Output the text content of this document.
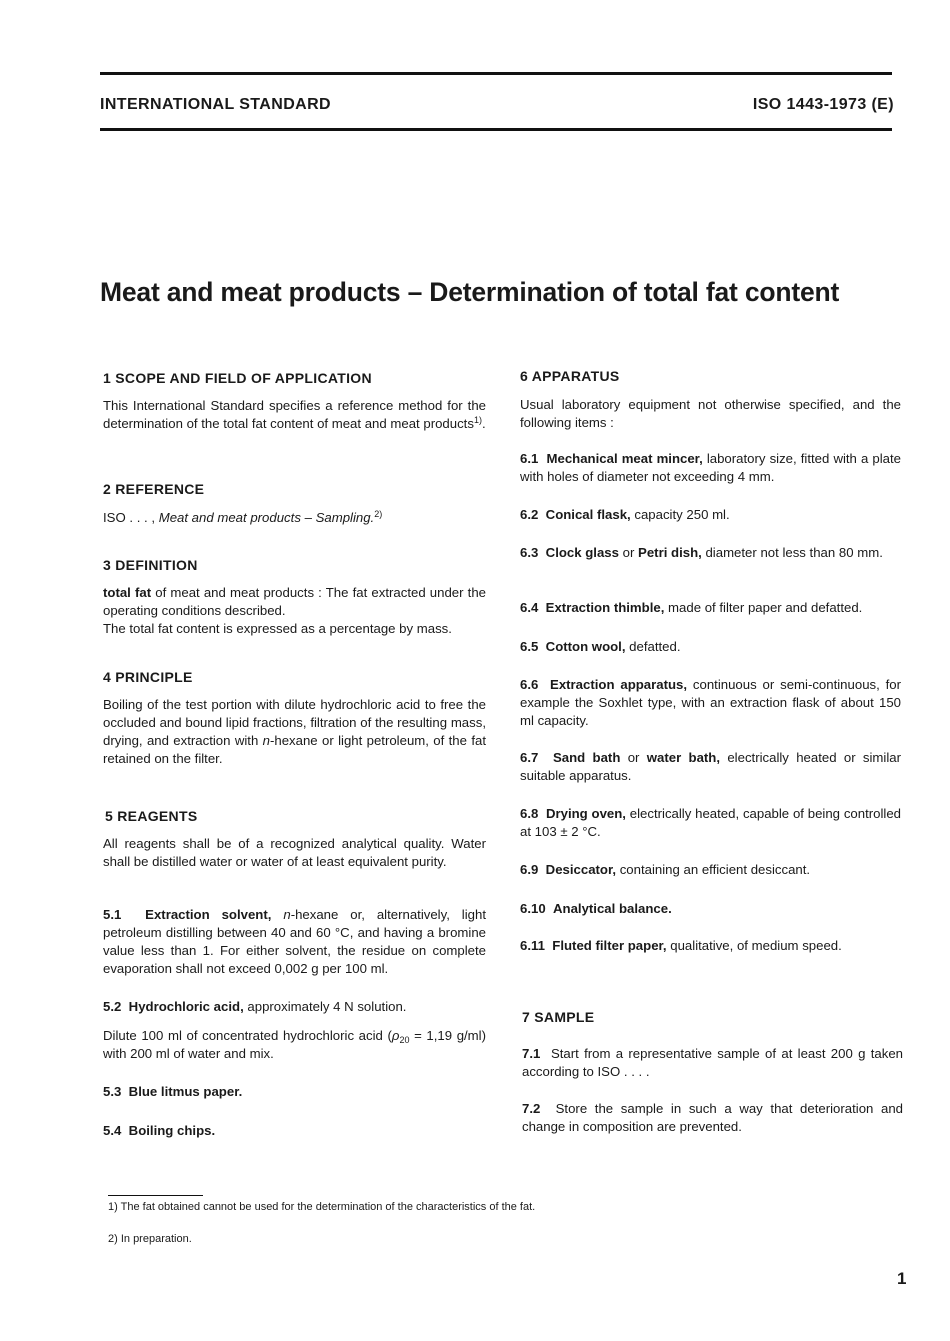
INTERNATIONAL STANDARD	ISO 1443-1973 (E)
Meat and meat products – Determination of total fat content
1 SCOPE AND FIELD OF APPLICATION
This International Standard specifies a reference method for the determination of the total fat content of meat and meat products$^{1)}$.
2 REFERENCE
ISO . . . , Meat and meat products – Sampling.$^{2)}$
3 DEFINITION
total fat of meat and meat products : The fat extracted under the operating conditions described.
The total fat content is expressed as a percentage by mass.
4 PRINCIPLE
Boiling of the test portion with dilute hydrochloric acid to free the occluded and bound lipid fractions, filtration of the resulting mass, drying, and extraction with n-hexane or light petroleum, of the fat retained on the filter.
5 REAGENTS
All reagents shall be of a recognized analytical quality. Water shall be distilled water or water of at least equivalent purity.
5.1 Extraction solvent, n-hexane or, alternatively, light petroleum distilling between 40 and 60 °C, and having a bromine value less than 1. For either solvent, the residue on complete evaporation shall not exceed 0,002 g per 100 ml.
5.2 Hydrochloric acid, approximately 4 N solution.
Dilute 100 ml of concentrated hydrochloric acid ($\rho_{20} = 1,19$ g/ml) with 200 ml of water and mix.
5.3 Blue litmus paper.
5.4 Boiling chips.
6 APPARATUS
Usual laboratory equipment not otherwise specified, and the following items :
6.1 Mechanical meat mincer, laboratory size, fitted with a plate with holes of diameter not exceeding 4 mm.
6.2 Conical flask, capacity 250 ml.
6.3 Clock glass or Petri dish, diameter not less than 80 mm.
6.4 Extraction thimble, made of filter paper and defatted.
6.5 Cotton wool, defatted.
6.6 Extraction apparatus, continuous or semi-continuous, for example the Soxhlet type, with an extraction flask of about 150 ml capacity.
6.7 Sand bath or water bath, electrically heated or similar suitable apparatus.
6.8 Drying oven, electrically heated, capable of being controlled at 103 ± 2 °C.
6.9 Desiccator, containing an efficient desiccant.
6.10 Analytical balance.
6.11 Fluted filter paper, qualitative, of medium speed.
7 SAMPLE
7.1 Start from a representative sample of at least 200 g taken according to ISO . . . .
7.2 Store the sample in such a way that deterioration and change in composition are prevented.
1) The fat obtained cannot be used for the determination of the characteristics of the fat.
2) In preparation.
1
